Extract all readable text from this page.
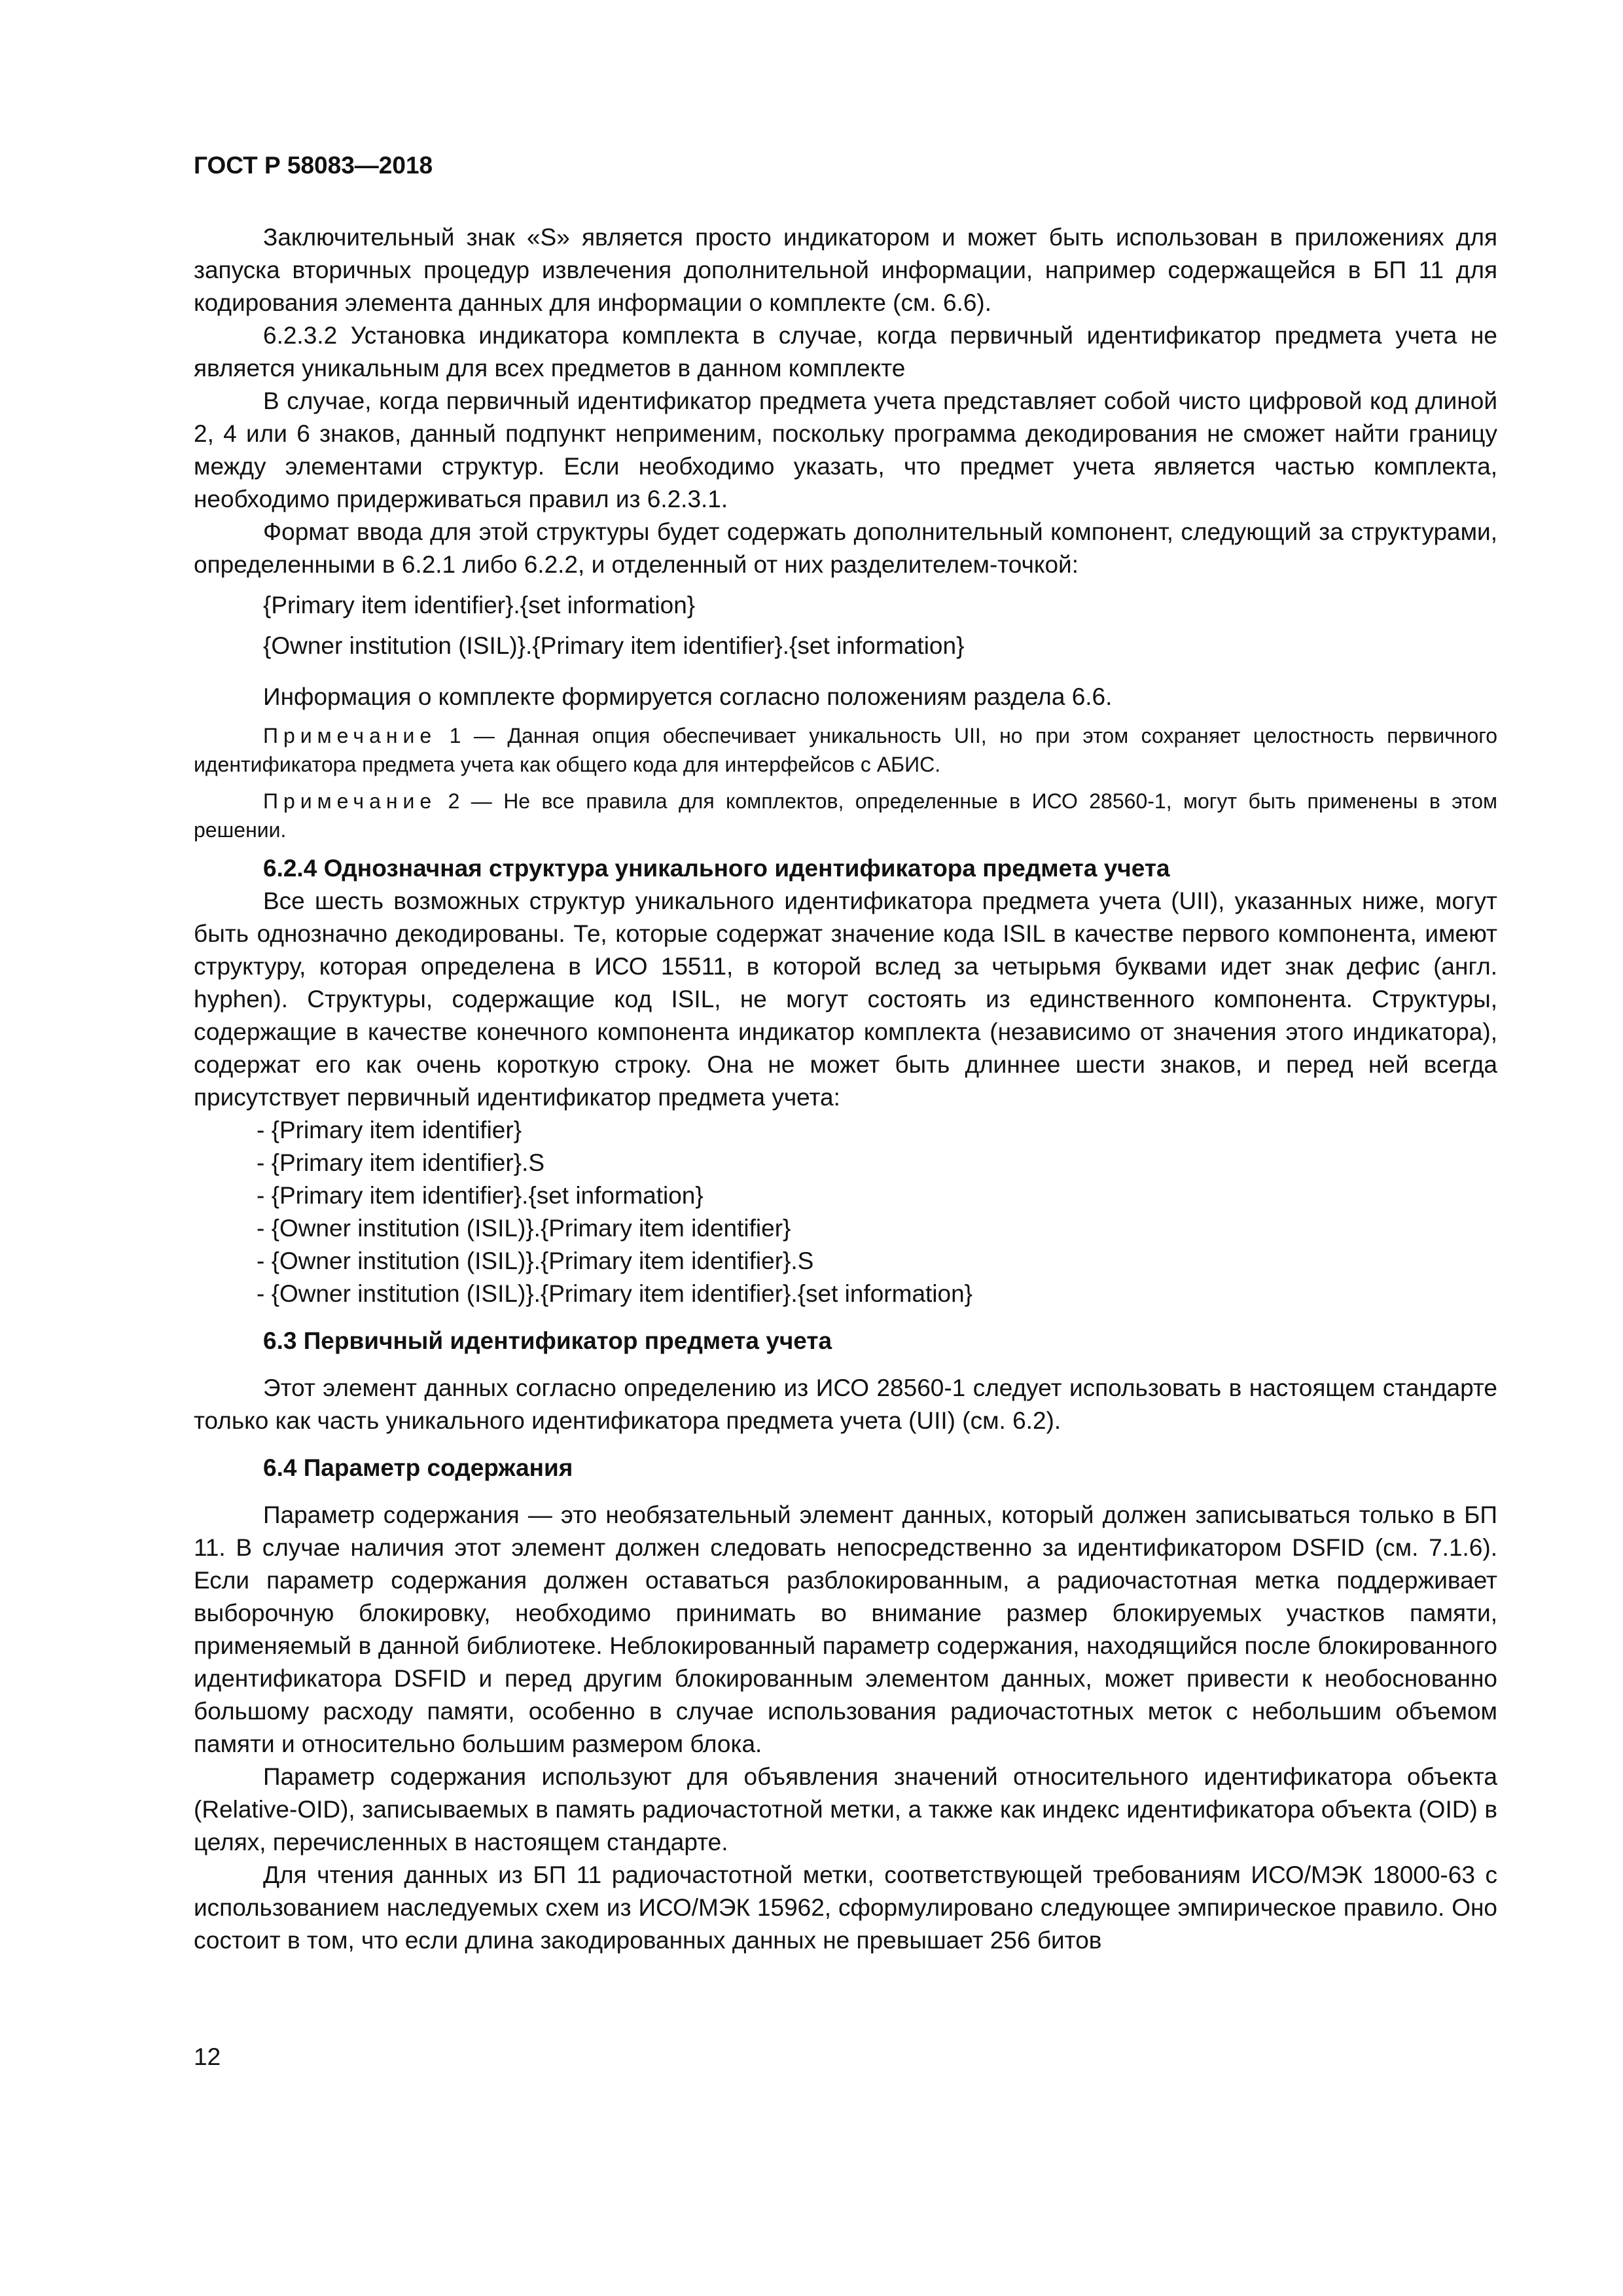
ГОСТ Р 58083—2018

Заключительный знак «S» является просто индикатором и может быть использован в приложениях для запуска вторичных процедур извлечения дополнительной информации, например содержащейся в БП 11 для кодирования элемента данных для информации о комплекте (см. 6.6).

6.2.3.2 Установка индикатора комплекта в случае, когда первичный идентификатор предмета учета не является уникальным для всех предметов в данном комплекте

В случае, когда первичный идентификатор предмета учета представляет собой чисто цифровой код длиной 2, 4 или 6 знаков, данный подпункт неприменим, поскольку программа декодирования не сможет найти границу между элементами структур. Если необходимо указать, что предмет учета является частью комплекта, необходимо придерживаться правил из 6.2.3.1.

Формат ввода для этой структуры будет содержать дополнительный компонент, следующий за структурами, определенными в 6.2.1 либо 6.2.2, и отделенный от них разделителем-точкой:

{Primary item identifier}.{set information}

{Owner institution (ISIL)}.{Primary item identifier}.{set information}

Информация о комплекте формируется согласно положениям раздела 6.6.

Примечание 1 — Данная опция обеспечивает уникальность UII, но при этом сохраняет целостность первичного идентификатора предмета учета как общего кода для интерфейсов с АБИС.

Примечание 2 — Не все правила для комплектов, определенные в ИСО 28560-1, могут быть применены в этом решении.

6.2.4 Однозначная структура уникального идентификатора предмета учета

Все шесть возможных структур уникального идентификатора предмета учета (UII), указанных ниже, могут быть однозначно декодированы. Те, которые содержат значение кода ISIL в качестве первого компонента, имеют структуру, которая определена в ИСО 15511, в которой вслед за четырьмя буквами идет знак дефис (англ. hyphen). Структуры, содержащие код ISIL, не могут состоять из единственного компонента. Структуры, содержащие в качестве конечного компонента индикатор комплекта (независимо от значения этого индикатора), содержат его как очень короткую строку. Она не может быть длиннее шести знаков, и перед ней всегда присутствует первичный идентификатор предмета учета:

- {Primary item identifier}
- {Primary item identifier}.S
- {Primary item identifier}.{set information}
- {Owner institution (ISIL)}.{Primary item identifier}
- {Owner institution (ISIL)}.{Primary item identifier}.S
- {Owner institution (ISIL)}.{Primary item identifier}.{set information}
6.3 Первичный идентификатор предмета учета

Этот элемент данных согласно определению из ИСО 28560-1 следует использовать в настоящем стандарте только как часть уникального идентификатора предмета учета (UII) (см. 6.2).

6.4 Параметр содержания

Параметр содержания — это необязательный элемент данных, который должен записываться только в БП 11. В случае наличия этот элемент должен следовать непосредственно за идентификатором DSFID (см. 7.1.6). Если параметр содержания должен оставаться разблокированным, а радиочастотная метка поддерживает выборочную блокировку, необходимо принимать во внимание размер блокируемых участков памяти, применяемый в данной библиотеке. Неблокированный параметр содержания, находящийся после блокированного идентификатора DSFID и перед другим блокированным элементом данных, может привести к необоснованно большому расходу памяти, особенно в случае использования радиочастотных меток с небольшим объемом памяти и относительно большим размером блока.

Параметр содержания используют для объявления значений относительного идентификатора объекта (Relative-OID), записываемых в память радиочастотной метки, а также как индекс идентификатора объекта (OID) в целях, перечисленных в настоящем стандарте.

Для чтения данных из БП 11 радиочастотной метки, соответствующей требованиям ИСО/МЭК 18000-63 с использованием наследуемых схем из ИСО/МЭК 15962, сформулировано следующее эмпирическое правило. Оно состоит в том, что если длина закодированных данных не превышает 256 битов

12
